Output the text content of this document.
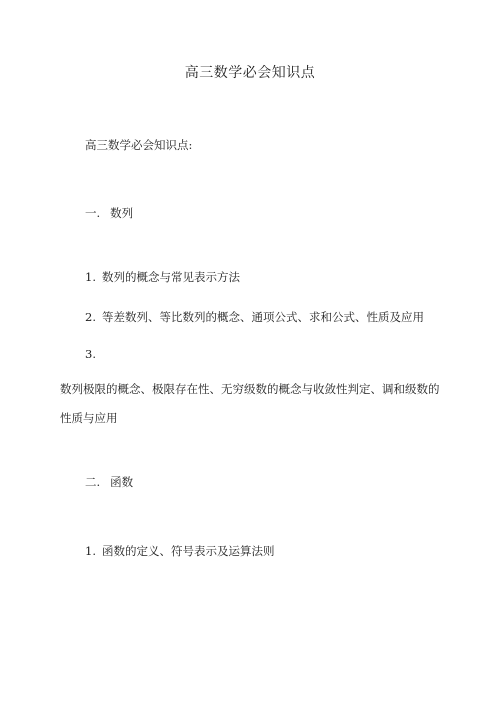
高三数学必会知识点

高三数学必会知识点:

一. 数列

1. 数列的概念与常见表示方法

2. 等差数列、等比数列的概念、通项公式、求和公式、性质及应用

3.

数列极限的概念、极限存在性、无穷级数的概念与收敛性判定、调和级数的性质与应用

二. 函数

1. 函数的定义、符号表示及运算法则
